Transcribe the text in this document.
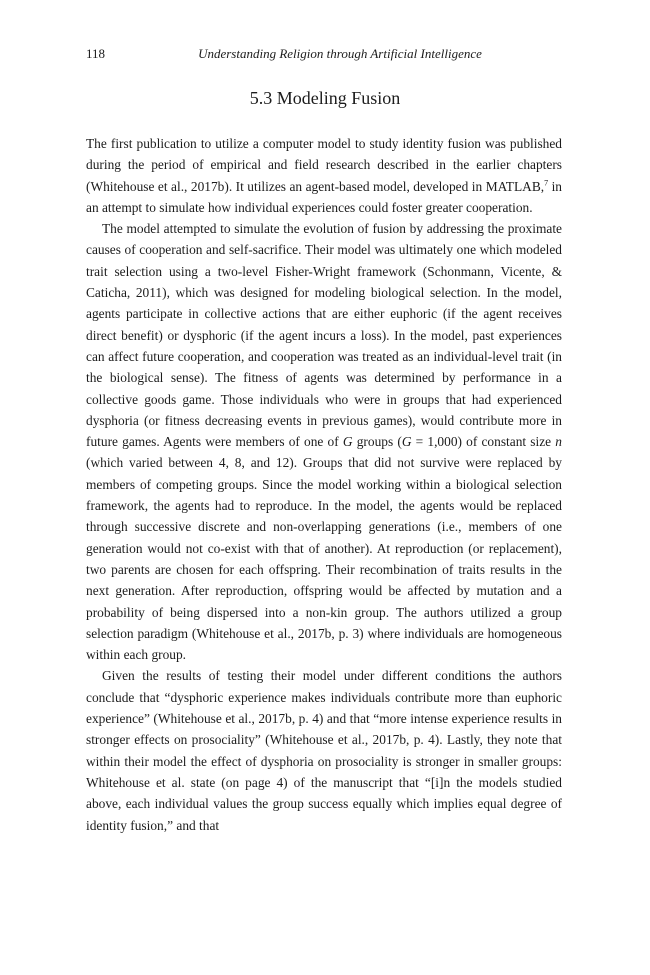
118	Understanding Religion through Artificial Intelligence
5.3 Modeling Fusion

The first publication to utilize a computer model to study identity fusion was published during the period of empirical and field research described in the earlier chapters (Whitehouse et al., 2017b). It utilizes an agent-based model, developed in MATLAB,$^7$ in an attempt to simulate how individual experiences could foster greater cooperation.

The model attempted to simulate the evolution of fusion by addressing the proximate causes of cooperation and self-sacrifice. Their model was ultimately one which modeled trait selection using a two-level Fisher-Wright framework (Schonmann, Vicente, & Caticha, 2011), which was designed for modeling biological selection. In the model, agents participate in collective actions that are either euphoric (if the agent receives direct benefit) or dysphoric (if the agent incurs a loss). In the model, past experiences can affect future cooperation, and cooperation was treated as an individual-level trait (in the biological sense). The fitness of agents was determined by performance in a collective goods game. Those individuals who were in groups that had experienced dysphoria (or fitness decreasing events in previous games), would contribute more in future games. Agents were members of one of G groups (G = 1,000) of constant size n (which varied between 4, 8, and 12). Groups that did not survive were replaced by members of competing groups. Since the model working within a biological selection framework, the agents had to reproduce. In the model, the agents would be replaced through successive discrete and non-overlapping generations (i.e., members of one generation would not co-exist with that of another). At reproduction (or replacement), two parents are chosen for each offspring. Their recombination of traits results in the next generation. After reproduction, offspring would be affected by mutation and a probability of being dispersed into a non-kin group. The authors utilized a group selection paradigm (Whitehouse et al., 2017b, p. 3) where individuals are homogeneous within each group.

Given the results of testing their model under different conditions the authors conclude that “dysphoric experience makes individuals contribute more than euphoric experience” (Whitehouse et al., 2017b, p. 4) and that “more intense experience results in stronger effects on prosociality” (Whitehouse et al., 2017b, p. 4). Lastly, they note that within their model the effect of dysphoria on prosociality is stronger in smaller groups: Whitehouse et al. state (on page 4) of the manuscript that “[i]n the models studied above, each individual values the group success equally which implies equal degree of identity fusion,” and that
